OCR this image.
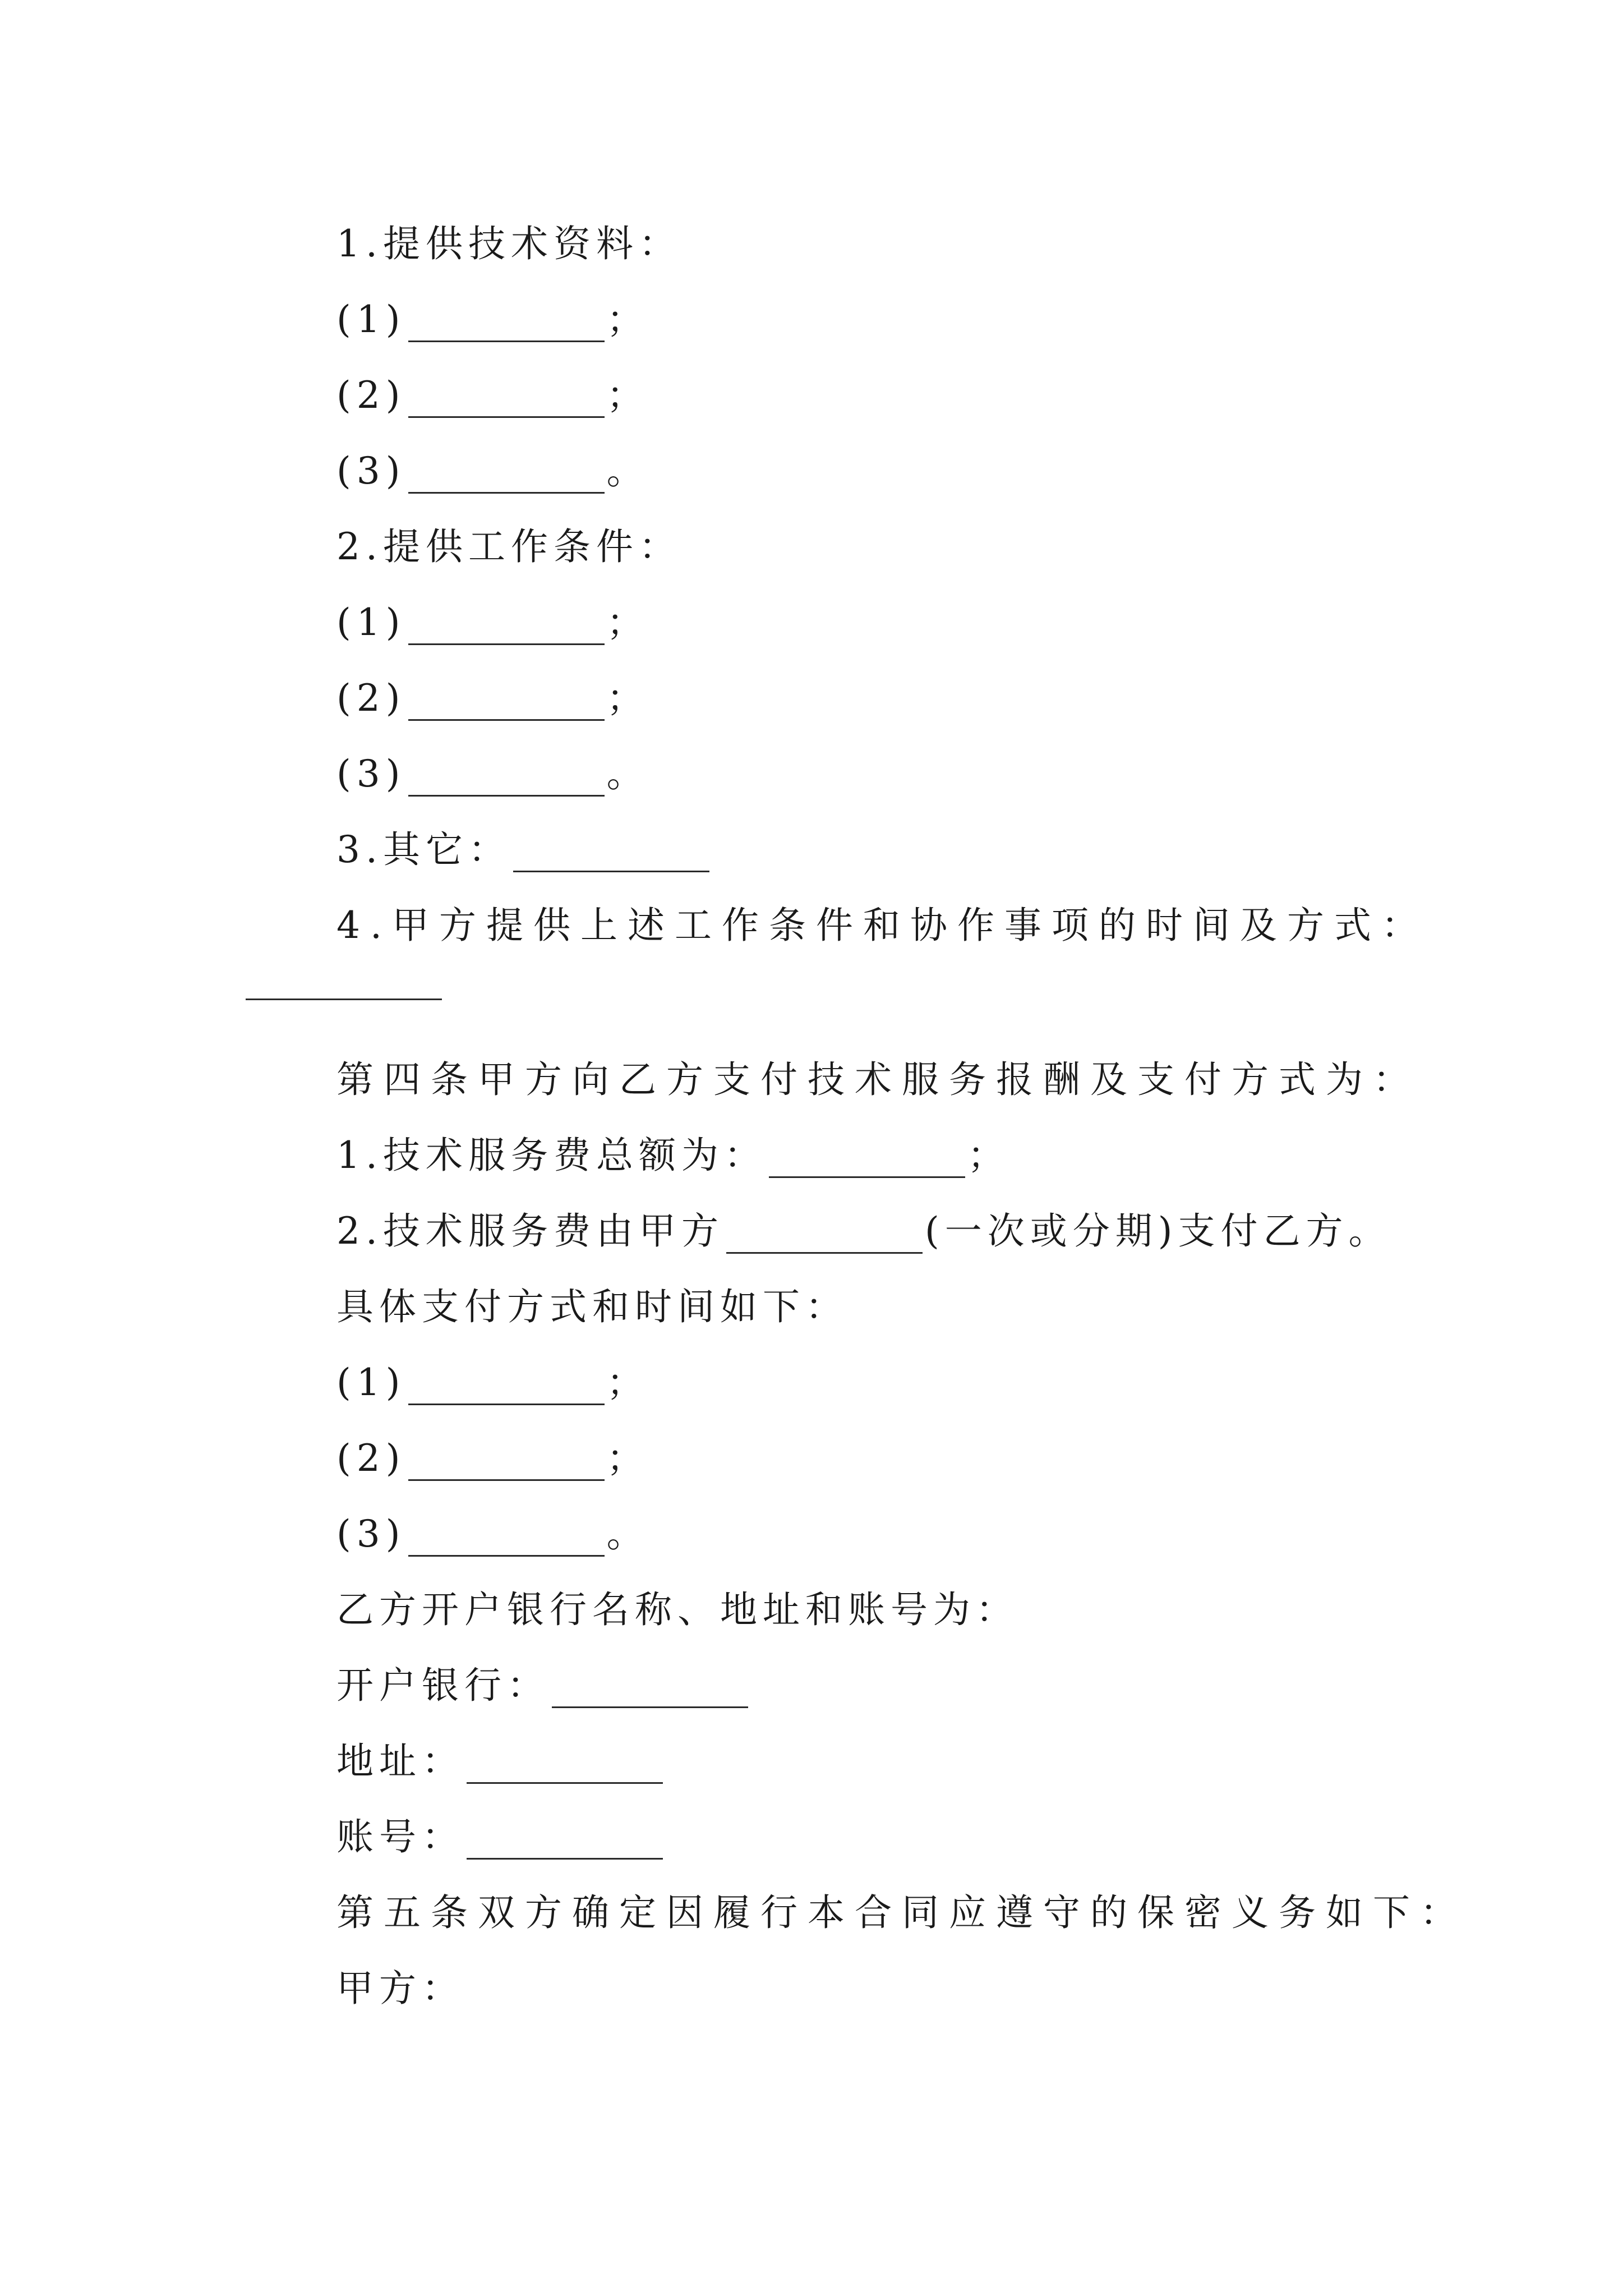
1.提供技术资料：
(1)	；
(2)	；
(3)	。
2.提供工作条件：
(1)	；
(2)	；
(3)	。
3.其它：
4.甲方提供上述工作条件和协作事项的时间及方式：
第四条甲方向乙方支付技术服务报酬及支付方式为：
1.技术服务费总额为：	；
2.技术服务费由甲方	(一次或分期)支付乙方。
具体支付方式和时间如下：
(1)	；
(2)	；
(3)	。
乙方开户银行名称、地址和账号为：
开户银行：
地址：
账号：
第五条双方确定因履行本合同应遵守的保密义务如下：
甲方：
